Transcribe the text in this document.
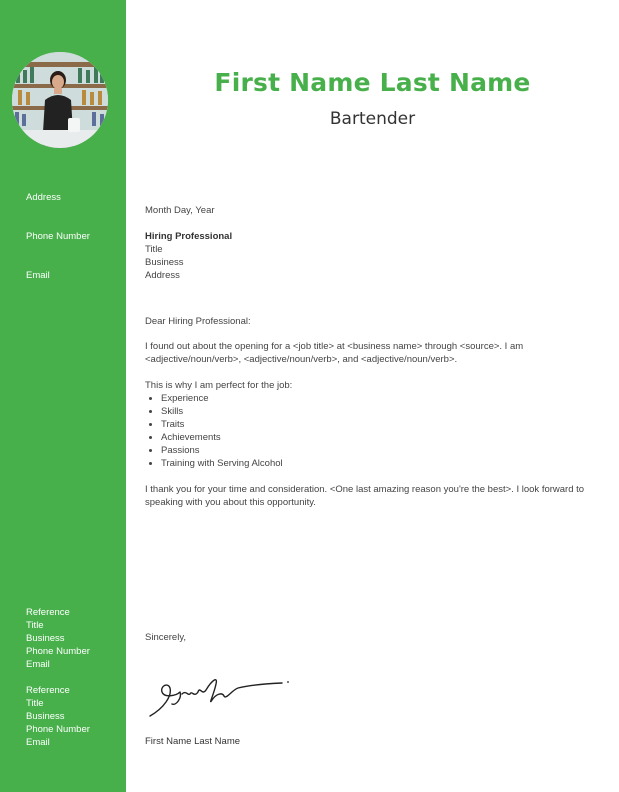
Address
Phone Number
Email
Reference
Title
Business
Phone Number
Email
Reference
Title
Business
Phone Number
Email
First Name Last Name
Bartender

Month Day, Year

Hiring Professional

Title

Business

Address

Dear Hiring Professional:

I found out about the opening for a <job title> at <business name> through <source>. I am <adjective/noun/verb>, <adjective/noun/verb>, and <adjective/noun/verb>.

This is why I am perfect for the job:

• Experience
• Skills
• Traits
• Achievements
• Passions
• Training with Serving Alcohol

I thank you for your time and consideration. <One last amazing reason you're the best>. I look forward to speaking with you about this opportunity.

Sincerely,
First Name Last Name
